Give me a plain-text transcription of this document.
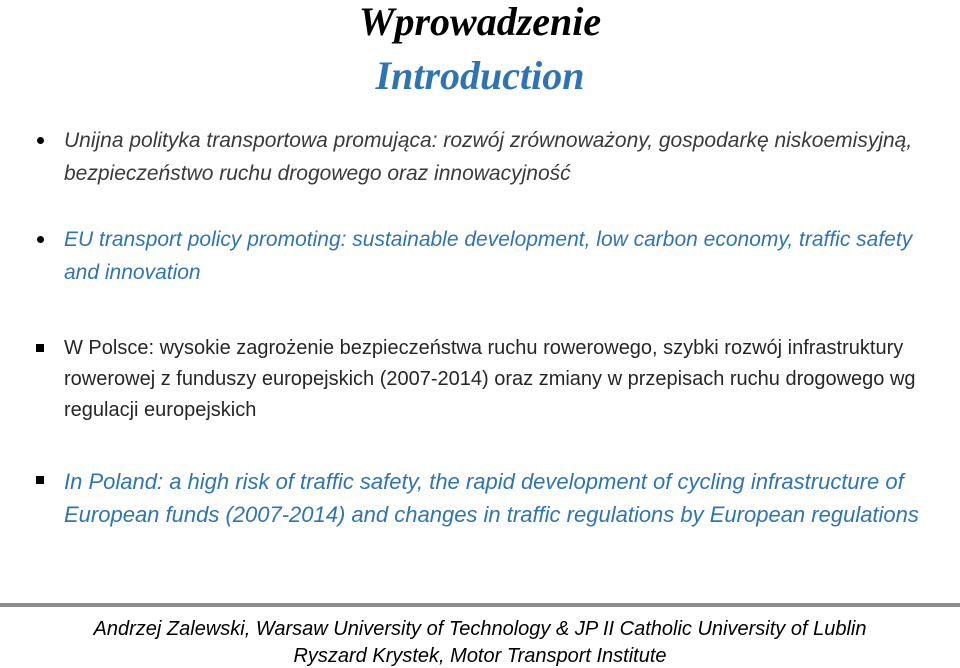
Wprowadzenie
Introduction
Unijna polityka transportowa promująca: rozwój zrównoważony, gospodarkę niskoemisyjną, bezpieczeństwo ruchu drogowego oraz innowacyjność
EU transport policy promoting: sustainable development, low carbon economy, traffic safety and innovation
W Polsce: wysokie zagrożenie bezpieczeństwa ruchu rowerowego, szybki rozwój infrastruktury rowerowej z funduszy europejskich (2007-2014) oraz zmiany w przepisach ruchu drogowego wg regulacji europejskich
In Poland: a high risk of traffic safety, the rapid development of cycling infrastructure of European funds (2007-2014) and changes in traffic regulations by European regulations
Andrzej Zalewski, Warsaw University of Technology & JP II Catholic University of Lublin
Ryszard Krystek, Motor Transport Institute
